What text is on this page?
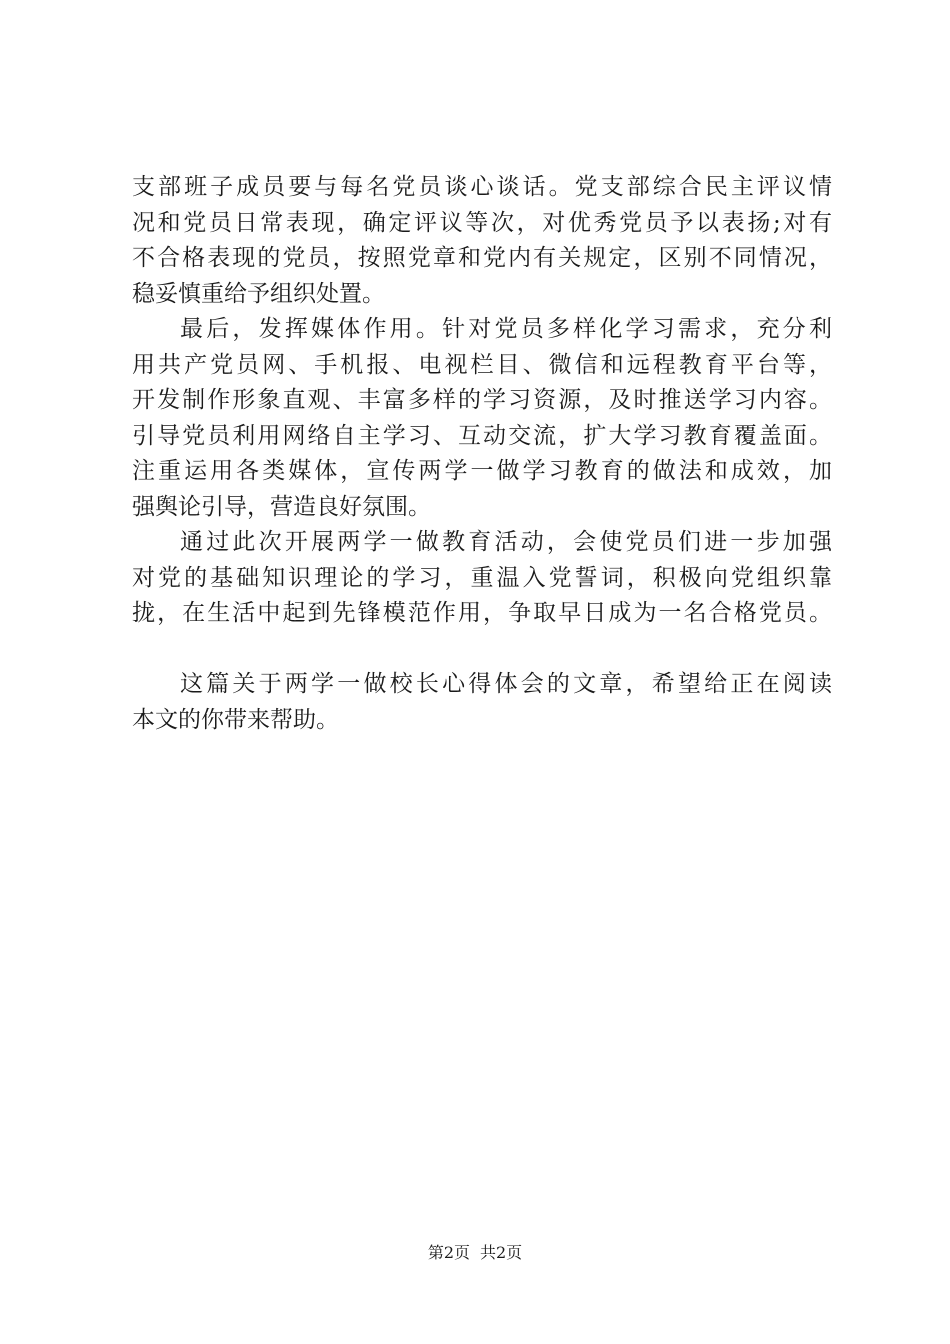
支部班子成员要与每名党员谈心谈话。党支部综合民主评议情
况和党员日常表现，确定评议等次，对优秀党员予以表扬;对有
不合格表现的党员，按照党章和党内有关规定，区别不同情况，
稳妥慎重给予组织处置。
最后，发挥媒体作用。针对党员多样化学习需求，充分利
用共产党员网、手机报、电视栏目、微信和远程教育平台等，
开发制作形象直观、丰富多样的学习资源，及时推送学习内容。
引导党员利用网络自主学习、互动交流，扩大学习教育覆盖面。
注重运用各类媒体，宣传两学一做学习教育的做法和成效，加
强舆论引导，营造良好氛围。
通过此次开展两学一做教育活动，会使党员们进一步加强
对党的基础知识理论的学习，重温入党誓词，积极向党组织靠
拢，在生活中起到先锋模范作用，争取早日成为一名合格党员。
这篇关于两学一做校长心得体会的文章，希望给正在阅读
本文的你带来帮助。
第2页 共2页
